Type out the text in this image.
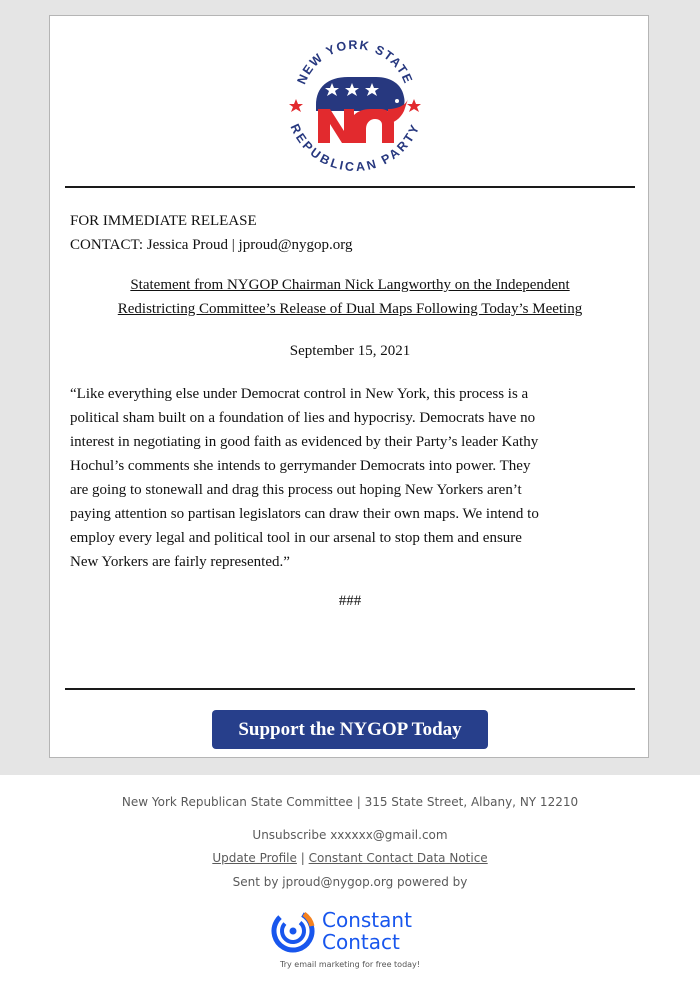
NEW YORK STATE
REPUBLICAN PARTY
FOR IMMEDIATE RELEASE
CONTACT: Jessica Proud | jproud@nygop.org
Statement from NYGOP Chairman Nick Langworthy on the Independent
Redistricting Committee’s Release of Dual Maps Following Today’s Meeting
September 15, 2021
“Like everything else under Democrat control in New York, this process is a
political sham built on a foundation of lies and hypocrisy. Democrats have no
interest in negotiating in good faith as evidenced by their Party’s leader Kathy
Hochul’s comments she intends to gerrymander Democrats into power. They
are going to stonewall and drag this process out hoping New Yorkers aren’t
paying attention so partisan legislators can draw their own maps. We intend to
employ every legal and political tool in our arsenal to stop them and ensure
New Yorkers are fairly represented.”
###
Support the NYGOP Today
New York Republican State Committee | 315 State Street, Albany, NY 12210
Unsubscribe xxxxxx@gmail.com
Update Profile | Constant Contact Data Notice
Sent by jproud@nygop.org powered by
Constant
Contact
Try email marketing for free today!
